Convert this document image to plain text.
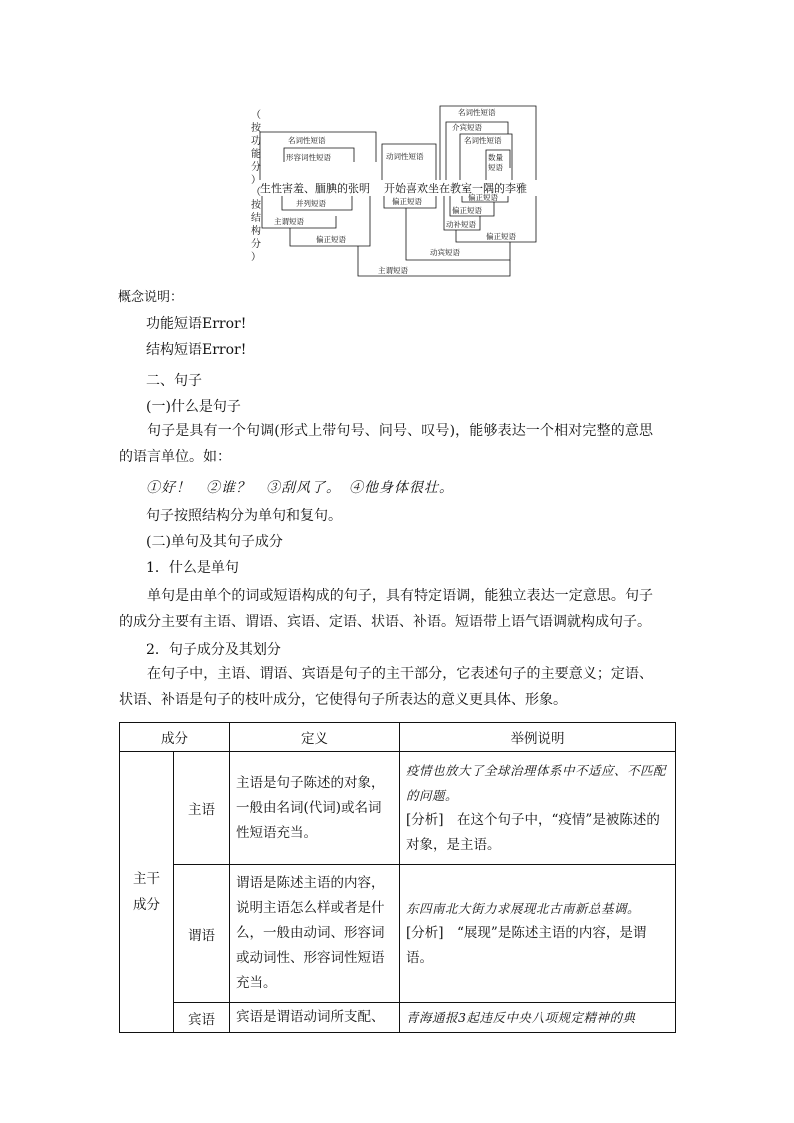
（按功能分）
（按结构分）
生性害羞、腼腆的张明 开始喜欢坐在教室一隅的李雅
名词性短语
形容词性短语
并列短语
主谓短语
偏正短语
动词性短语
偏正短语
主谓短语
名词性短语
介宾短语
名词性短语
数量
短语
偏正短语
偏正短语
动补短语
偏正短语
动宾短语
概念说明：
功能短语Error!
结构短语Error!
二、句子
(一)什么是句子
句子是具有一个句调(形式上带句号、问号、叹号)，能够表达一个相对完整的意思的语言单位。如：
①好！　②谁？　③刮风了。　④他身体很壮。
句子按照结构分为单句和复句。
(二)单句及其句子成分
1．什么是单句
单句是由单个的词或短语构成的句子，具有特定语调，能独立表达一定意思。句子的成分主要有主语、谓语、宾语、定语、状语、补语。短语带上语气语调就构成句子。
2．句子成分及其划分
在句子中，主语、谓语、宾语是句子的主干部分，它表述句子的主要意义；定语、状语、补语是句子的枝叶成分，它使得句子所表达的意义更具体、形象。
成分		定义	举例说明
主干成分	主语	主语是句子陈述的对象，一般由名词(代词)或名词性短语充当。	疫情也放大了全球治理体系中不适应、不匹配的问题。
[分析]　在这个句子中，“疫情”是被陈述的对象，是主语。

	谓语	谓语是陈述主语的内容，说明主语怎么样或者是什么，一般由动词、形容词或动词性、形容词性短语充当。	东四南北大街力求展现北古南新总基调。
[分析]　“展现”是陈述主语的内容，是谓语。

	宾语	宾语是谓语动词所支配、	青海通报3起违反中央八项规定精神的典
